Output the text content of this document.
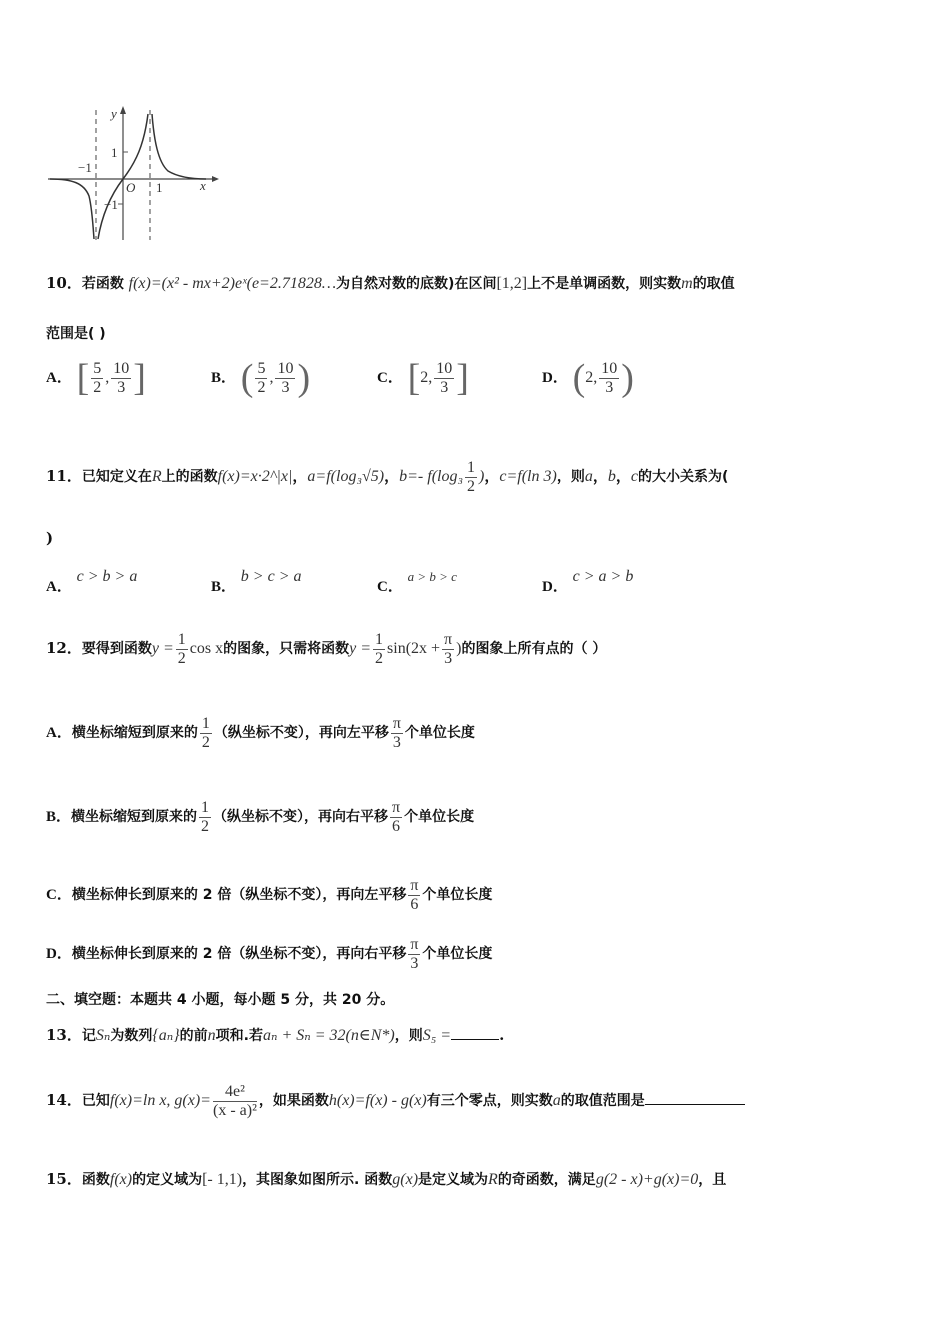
y
x
O
−1
1
1
−1
10．若函数 f(x)=(x² - mx+2)eˣ(e=2.71828…为自然对数的底数)在区间[1,2]上不是单调函数，则实数m的取值
范围是( )
A． [ $\frac{5}{2}$ , $\frac{10}{3}$ ]	B． ( $\frac{5}{2}$ , $\frac{10}{3}$ )	C． [2, $\frac{10}{3}$ ]	D． (2, $\frac{10}{3}$ )
11．已知定义在R上的函数f(x)=x·2^|x|，a=f(log₃√5)，b=- $f(\log_3 \frac{1}{2}$ )，c=f(ln 3)，则a，b，c的大小关系为(
)
A． c > b > a
B． b > c > a
C． a > b > c
D． c > a > b
12．要得到函数$y = \frac{1}{2}$ cos x的图象，只需将函数$y = \frac{1}{2} \sin(2x + \frac{\pi}{3}$ )的图象上所有点的（ ）
A．横坐标缩短到原来的 $\frac{1}{2}$ （纵坐标不变），再向左平移 $\frac{\pi}{3}$ 个单位长度
B．横坐标缩短到原来的 $\frac{1}{2}$ （纵坐标不变），再向右平移 $\frac{\pi}{6}$ 个单位长度
C．横坐标伸长到原来的 2 倍（纵坐标不变），再向左平移 $\frac{\pi}{6}$ 个单位长度
D．横坐标伸长到原来的 2 倍（纵坐标不变），再向右平移 $\frac{\pi}{3}$ 个单位长度
二、填空题：本题共 4 小题，每小题 5 分，共 20 分。
13．记Sₙ为数列{aₙ}的前n项和.若aₙ + Sₙ = 32(n∈N*)，则S₅ =	.
14．已知f(x)=ln x, $g(x)= \frac{\text{4e²}}{\text{(x - a)²}}$ ，如果函数h(x)=f(x) - g(x)有三个零点，则实数a的取值范围是
15．函数f(x)的定义域为[- 1,1)，其图象如图所示. 函数g(x)是定义域为R的奇函数，满足g(2 - x)+g(x)=0，且
